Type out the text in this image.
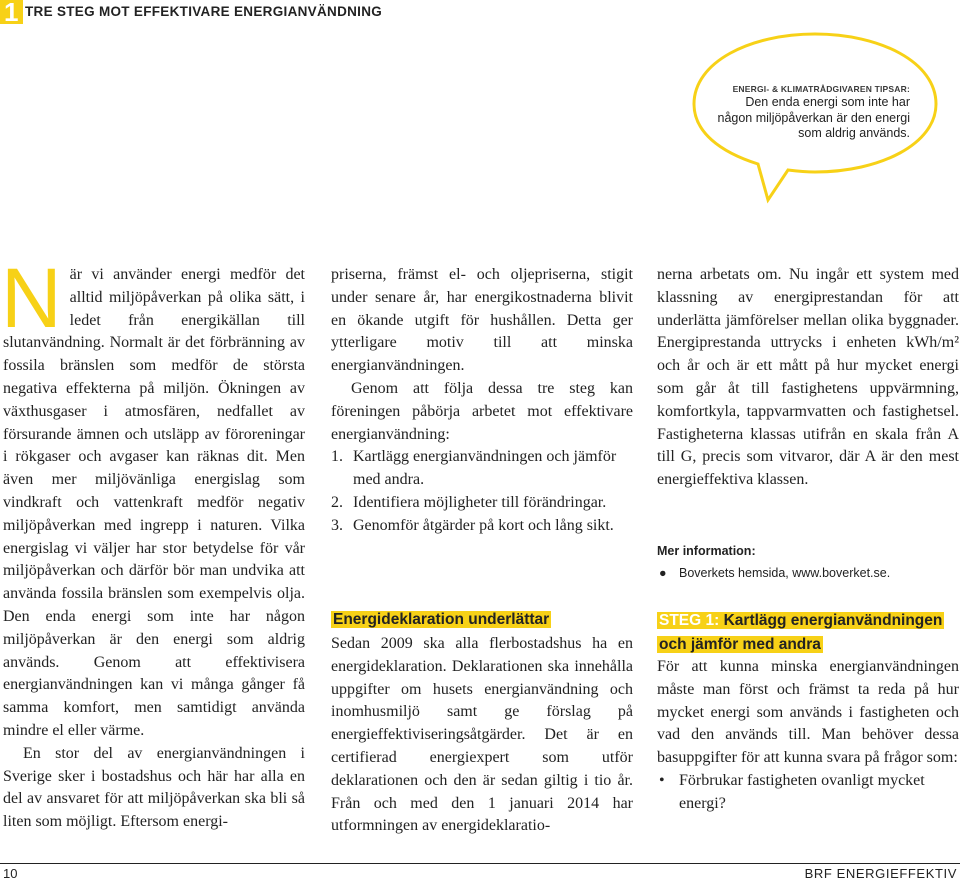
1 TRE STEG MOT EFFEKTIVARE ENERGIANVÄNDNING
ENERGI- & KLIMATRÅDGIVAREN TIPSAR:
Den enda energi som inte har
någon miljöpåverkan är den energi
som aldrig används.

När vi använder energi medför det alltid miljöpåverkan på olika sätt, i ledet från energikällan till slutanvändning. Normalt är det förbränning av fossila bränslen som medför de största negativa effekterna på miljön. Ökningen av växthusgaser i atmosfären, nedfallet av försurande ämnen och utsläpp av föroreningar i rökgaser och avgaser kan räknas dit. Men även mer miljövänliga energislag som vindkraft och vattenkraft medför negativ miljöpåverkan med ingrepp i naturen. Vilka energislag vi väljer har stor betydelse för vår miljöpåverkan och därför bör man undvika att använda fossila bränslen som exempelvis olja. Den enda energi som inte har någon miljöpåverkan är den energi som aldrig används. Genom att effektivisera energianvändningen kan vi många gånger få samma komfort, men samtidigt använda mindre el eller värme.

En stor del av energianvändningen i Sverige sker i bostadshus och här har alla en del av ansvaret för att miljöpåverkan ska bli så liten som möjligt. Eftersom energi-

priserna, främst el- och oljepriserna, stigit under senare år, har energikostnaderna blivit en ökande utgift för hushållen. Detta ger ytterligare motiv till att minska energianvändningen.

Genom att följa dessa tre steg kan föreningen påbörja arbetet mot effektivare energianvändning:

1. Kartlägg energianvändningen och jämför med andra.
2. Identifiera möjligheter till förändringar.
3. Genomför åtgärder på kort och lång sikt.
Energideklaration underlättar

Sedan 2009 ska alla flerbostadshus ha en energideklaration. Deklarationen ska innehålla uppgifter om husets energianvändning och inomhusmiljö samt ge förslag på energieffektiviseringsåtgärder. Det är en certifierad energiexpert som utför deklarationen och den är sedan giltig i tio år. Från och med den 1 januari 2014 har utformningen av energideklaratio-

nerna arbetats om. Nu ingår ett system med klassning av energiprestandan för att underlätta jämförelser mellan olika byggnader. Energiprestanda uttrycks i enheten kWh/m² och år och är ett mått på hur mycket energi som går åt till fastighetens uppvärmning, komfortkyla, tappvarmvatten och fastighetsel. Fastigheterna klassas utifrån en skala från A till G, precis som vitvaror, där A är den mest energieffektiva klassen.

Mer information:

● Boverkets hemsida, www.boverket.se.

STEG 1: Kartlägg energianvändningen och jämför med andra

För att kunna minska energianvändningen måste man först och främst ta reda på hur mycket energi som används i fastigheten och vad den används till. Man behöver dessa basuppgifter för att kunna svara på frågor som:

• Förbrukar fastigheten ovanligt mycket energi?
10	BRF ENERGIEFFEKTIV
